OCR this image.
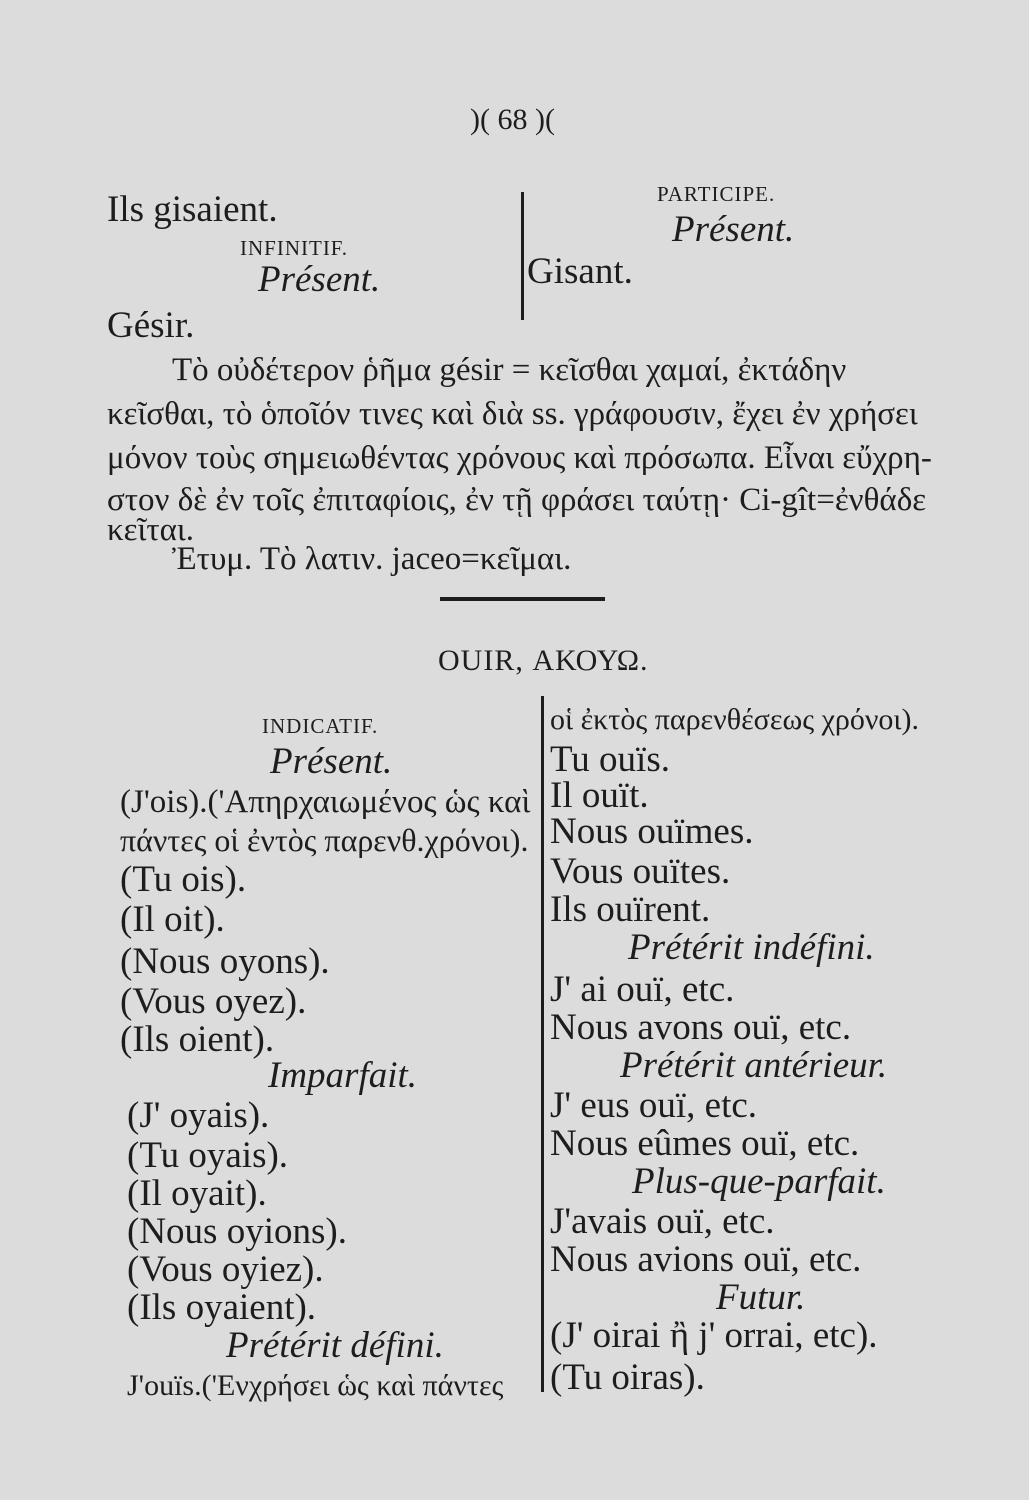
)( 68 )(
Ils gisaient.
INFINITIF.
Présent.
Gésir.
PARTICIPE.
Présent.
Gisant.
Τὸ οὐδέτερον ῥῆμα gésir = κεῖσθαι χαμαί, ἐκτάδην
κεῖσθαι, τὸ ὁποῖόν τινες καὶ διὰ ss. γράφουσιν, ἔχει ἐν χρήσει
μόνον τοὺς σημειωθέντας χρόνους καὶ πρόσωπα. Εἶναι εὔχρη-
στον δὲ ἐν τοῖς ἐπιταφίοις, ἐν τῇ φράσει ταύτῃ· Ci-gît=ἐνθάδε
κεῖται.
Ἐτυμ. Τὸ λατιν. jaceo=κεῖμαι.
OUIR, ΑΚΟΥΩ.
INDICATIF.
Présent.
(J'ois).('Απηρχαιωμένος ὡς καὶ
πάντες οἱ ἐντὸς παρενθ.χρόνοι).
(Tu ois).
(Il oit).
(Nous oyons).
(Vous oyez).
(Ils oient).
Imparfait.
(J' oyais).
(Tu oyais).
(Il oyait).
(Nous oyions).
(Vous oyiez).
(Ils oyaient).
Prétérit défini.
J'ouïs.('Ενχρήσει ὡς καὶ πάντες
οἱ ἐκτὸς παρενθέσεως χρόνοι).
Tu ouïs.
Il ouït.
Nous ouïmes.
Vous ouïtes.
Ils ouïrent.
Prétérit indéfini.
J' ai ouï, etc.
Nous avons ouï, etc.
Prétérit antérieur.
J' eus ouï, etc.
Nous eûmes ouï, etc.
Plus-que-parfait.
J'avais ouï, etc.
Nous avions ouï, etc.
Futur.
(J' oirai ἢ j' orrai, etc).
(Tu oiras).
